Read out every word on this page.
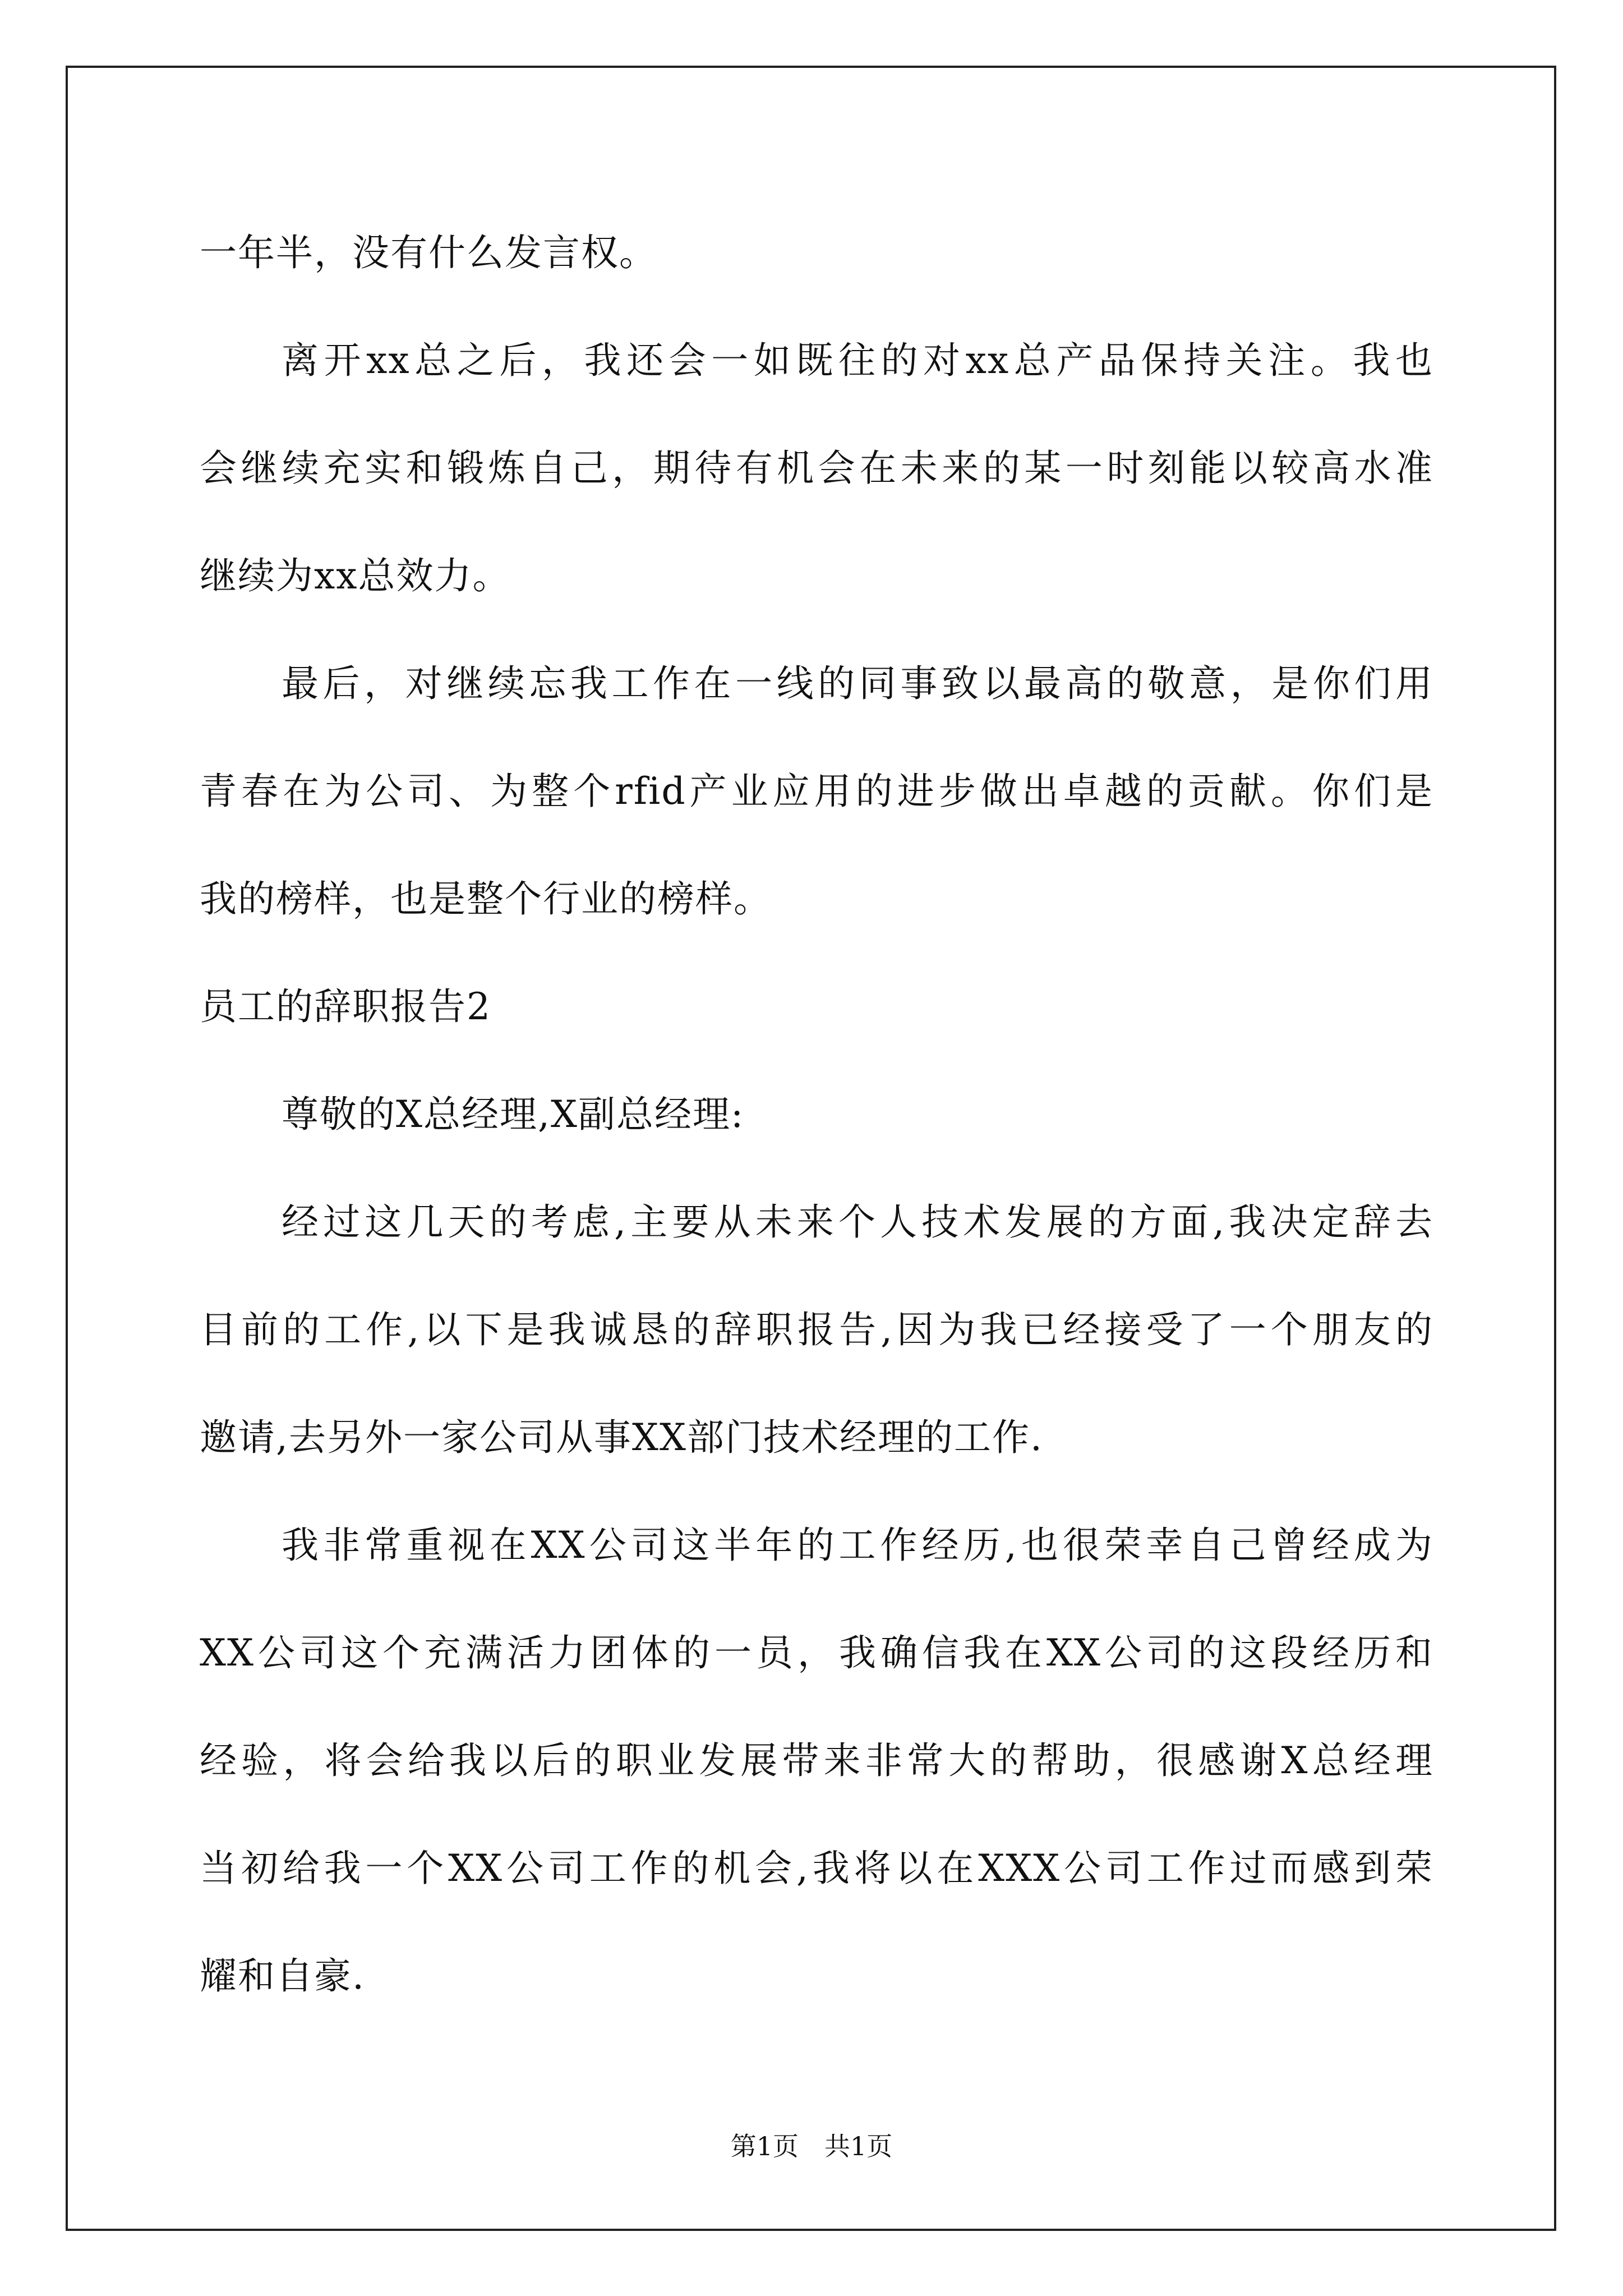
一年半，没有什么发言权。
离开xx总之后，我还会一如既往的对xx总产品保持关注。我也
会继续充实和锻炼自己，期待有机会在未来的某一时刻能以较高水准
继续为xx总效力。
最后，对继续忘我工作在一线的同事致以最高的敬意，是你们用
青春在为公司、为整个rfid产业应用的进步做出卓越的贡献。你们是
我的榜样，也是整个行业的榜样。
员工的辞职报告2
尊敬的X总经理,X副总经理:
经过这几天的考虑,主要从未来个人技术发展的方面,我决定辞去
目前的工作,以下是我诚恳的辞职报告,因为我已经接受了一个朋友的
邀请,去另外一家公司从事XX部门技术经理的工作.
我非常重视在XX公司这半年的工作经历,也很荣幸自己曾经成为
XX公司这个充满活力团体的一员，我确信我在XX公司的这段经历和
经验，将会给我以后的职业发展带来非常大的帮助，很感谢X总经理
当初给我一个XX公司工作的机会,我将以在XXX公司工作过而感到荣
耀和自豪.
第1页　共1页
